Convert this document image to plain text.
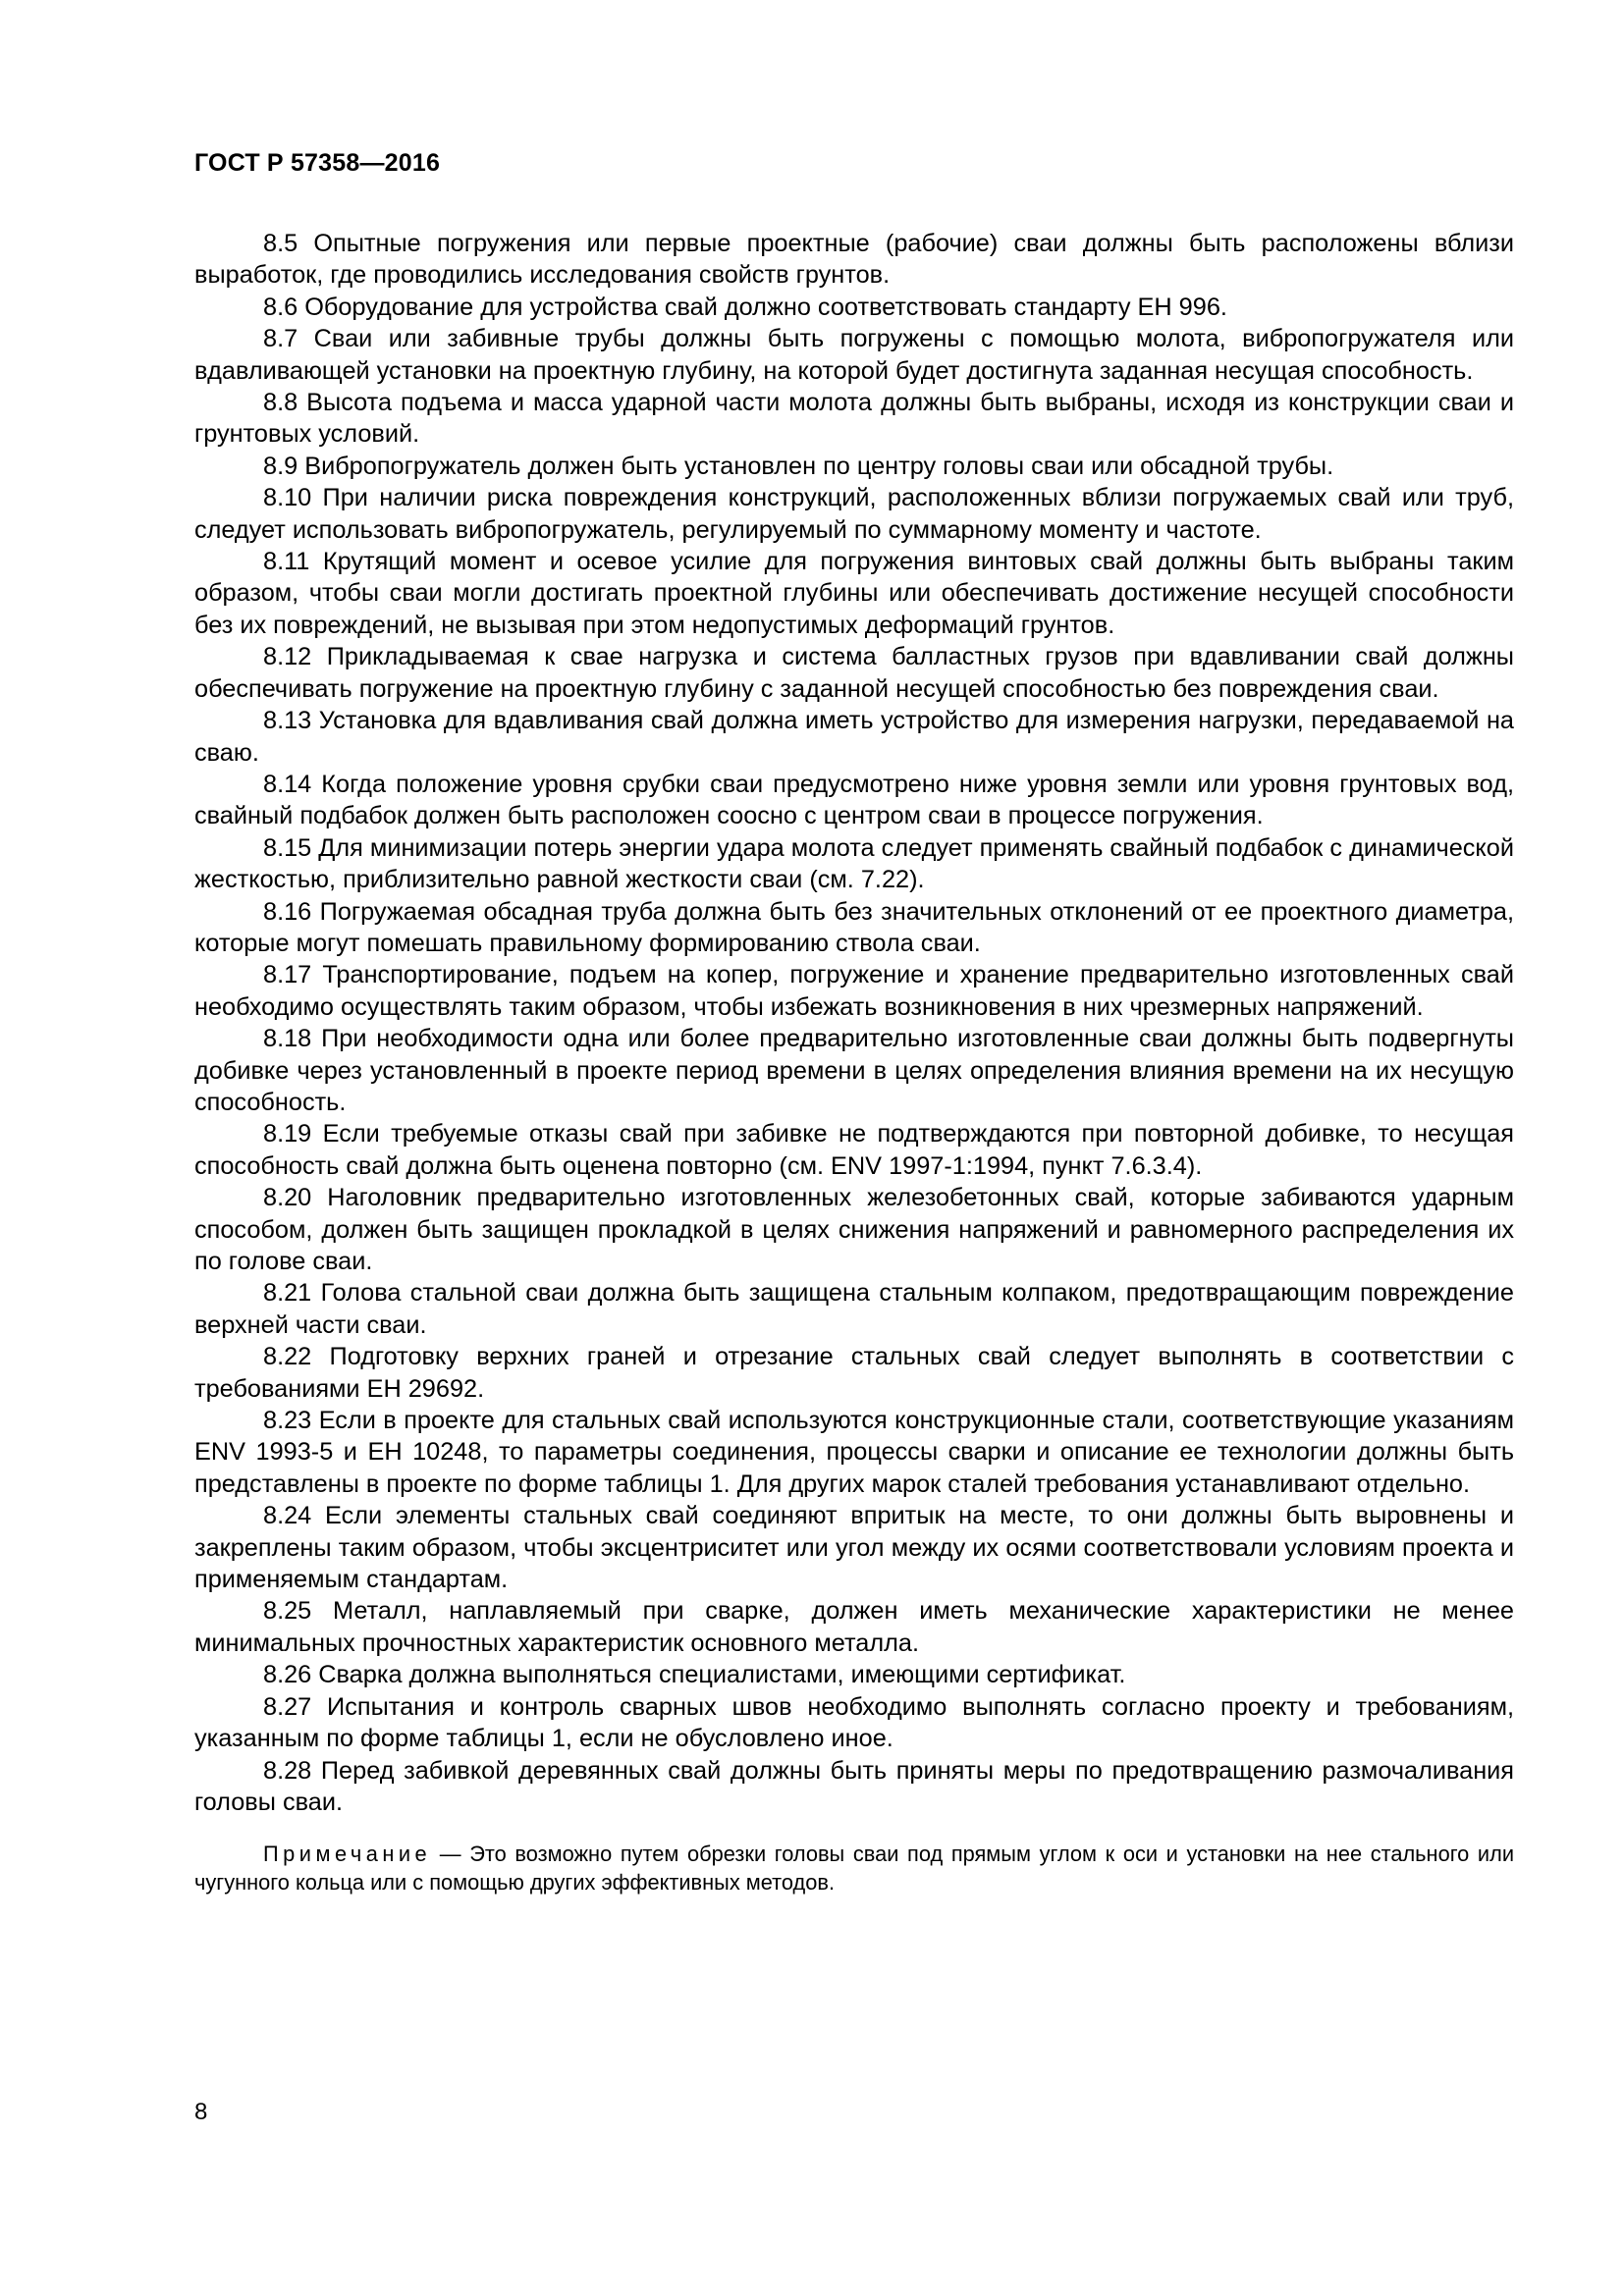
ГОСТ Р 57358—2016

8.5 Опытные погружения или первые проектные (рабочие) сваи должны быть расположены вблизи выработок, где проводились исследования свойств грунтов.

8.6 Оборудование для устройства свай должно соответствовать стандарту ЕН 996.

8.7 Сваи или забивные трубы должны быть погружены с помощью молота, вибропогружателя или вдавливающей установки на проектную глубину, на которой будет достигнута заданная несущая способность.

8.8 Высота подъема и масса ударной части молота должны быть выбраны, исходя из конструкции сваи и грунтовых условий.

8.9 Вибропогружатель должен быть установлен по центру головы сваи или обсадной трубы.

8.10 При наличии риска повреждения конструкций, расположенных вблизи погружаемых свай или труб, следует использовать вибропогружатель, регулируемый по суммарному моменту и частоте.

8.11 Крутящий момент и осевое усилие для погружения винтовых свай должны быть выбраны таким образом, чтобы сваи могли достигать проектной глубины или обеспечивать достижение несущей способности без их повреждений, не вызывая при этом недопустимых деформаций грунтов.

8.12 Прикладываемая к свае нагрузка и система балластных грузов при вдавливании свай должны обеспечивать погружение на проектную глубину с заданной несущей способностью без повреждения сваи.

8.13 Установка для вдавливания свай должна иметь устройство для измерения нагрузки, передаваемой на сваю.

8.14 Когда положение уровня срубки сваи предусмотрено ниже уровня земли или уровня грунтовых вод, свайный подбабок должен быть расположен соосно с центром сваи в процессе погружения.

8.15 Для минимизации потерь энергии удара молота следует применять свайный подбабок с динамической жесткостью, приблизительно равной жесткости сваи (см. 7.22).

8.16 Погружаемая обсадная труба должна быть без значительных отклонений от ее проектного диаметра, которые могут помешать правильному формированию ствола сваи.

8.17 Транспортирование, подъем на копер, погружение и хранение предварительно изготовленных свай необходимо осуществлять таким образом, чтобы избежать возникновения в них чрезмерных напряжений.

8.18 При необходимости одна или более предварительно изготовленные сваи должны быть подвергнуты добивке через установленный в проекте период времени в целях определения влияния времени на их несущую способность.

8.19 Если требуемые отказы свай при забивке не подтверждаются при повторной добивке, то несущая способность свай должна быть оценена повторно (см. ENV 1997-1:1994, пункт 7.6.3.4).

8.20 Наголовник предварительно изготовленных железобетонных свай, которые забиваются ударным способом, должен быть защищен прокладкой в целях снижения напряжений и равномерного распределения их по голове сваи.

8.21 Голова стальной сваи должна быть защищена стальным колпаком, предотвращающим повреждение верхней части сваи.

8.22 Подготовку верхних граней и отрезание стальных свай следует выполнять в соответствии с требованиями ЕН 29692.

8.23 Если в проекте для стальных свай используются конструкционные стали, соответствующие указаниям ENV 1993-5 и ЕН 10248, то параметры соединения, процессы сварки и описание ее технологии должны быть представлены в проекте по форме таблицы 1. Для других марок сталей требования устанавливают отдельно.

8.24 Если элементы стальных свай соединяют впритык на месте, то они должны быть выровнены и закреплены таким образом, чтобы эксцентриситет или угол между их осями соответствовали условиям проекта и применяемым стандартам.

8.25 Металл, наплавляемый при сварке, должен иметь механические характеристики не менее минимальных прочностных характеристик основного металла.

8.26 Сварка должна выполняться специалистами, имеющими сертификат.

8.27 Испытания и контроль сварных швов необходимо выполнять согласно проекту и требованиям, указанным по форме таблицы 1, если не обусловлено иное.

8.28 Перед забивкой деревянных свай должны быть приняты меры по предотвращению размочаливания головы сваи.

Примечание — Это возможно путем обрезки головы сваи под прямым углом к оси и установки на нее стального или чугунного кольца или с помощью других эффективных методов.

8
